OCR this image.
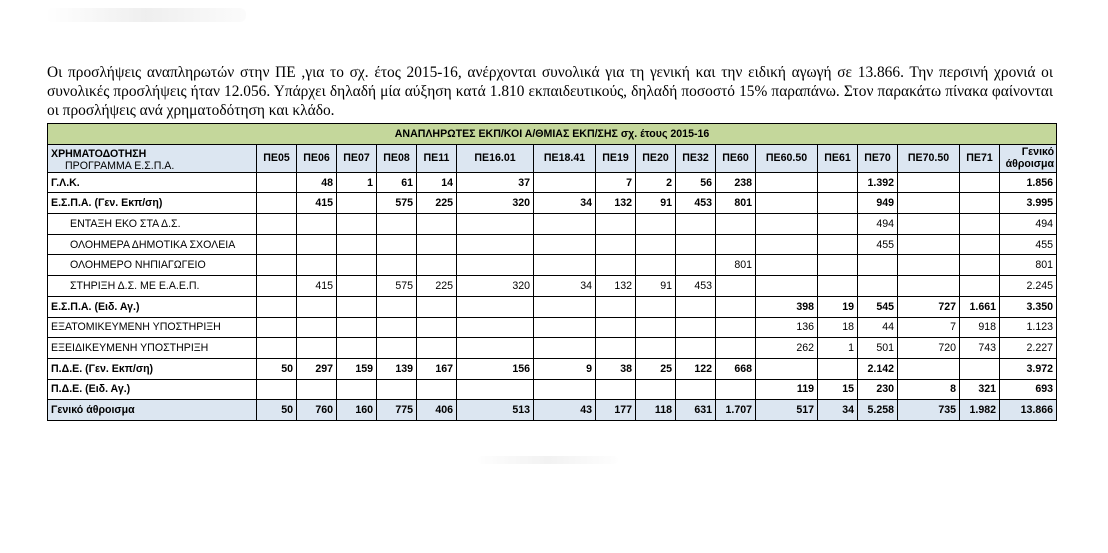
Οι προσλήψεις αναπληρωτών στην ΠΕ ,για το σχ. έτος 2015-16, ανέρχονται συνολικά για τη γενική και την ειδική αγωγή σε 13.866. Την περσινή χρονιά οι συνολικές προσλήψεις ήταν 12.056. Υπάρχει δηλαδή μία αύξηση κατά 1.810 εκπαιδευτικούς, δηλαδή ποσοστό 15% παραπάνω. Στον παρακάτω πίνακα φαίνονται οι προσλήψεις ανά χρηματοδότηση και κλάδο.

ΑΝΑΠΛΗΡΩΤΕΣ ΕΚΠ/ΚΟΙ Α/ΘΜΙΑΣ ΕΚΠ/ΣΗΣ σχ. έτους 2015-16																	
ΧΡΗΜΑΤΟΔΟΤΗΣΗ
ΠΡΟΓΡΑΜΜΑ Ε.Σ.Π.Α.	ΠΕ05	ΠΕ06	ΠΕ07	ΠΕ08	ΠΕ11	ΠΕ16.01	ΠΕ18.41	ΠΕ19	ΠΕ20	ΠΕ32	ΠΕ60	ΠΕ60.50	ΠΕ61	ΠΕ70	ΠΕ70.50	ΠΕ71	Γενικό άθροισμα
Γ.Λ.Κ.		48	1	61	14	37		7	2	56	238			1.392			1.856
Ε.Σ.Π.Α. (Γεν. Εκπ/ση)		415		575	225	320	34	132	91	453	801			949			3.995
ΕΝΤΑΞΗ ΕΚΟ ΣΤΑ Δ.Σ.														494			494
ΟΛΟΗΜΕΡΑ ΔΗΜΟΤΙΚΑ ΣΧΟΛΕΙΑ														455			455
ΟΛΟΗΜΕΡΟ ΝΗΠΙΑΓΩΓΕΙΟ											801						801
ΣΤΗΡΙΞΗ Δ.Σ. ΜΕ Ε.Α.Ε.Π.		415		575	225	320	34	132	91	453							2.245
Ε.Σ.Π.Α. (Ειδ. Αγ.)												398	19	545	727	1.661	3.350
ΕΞΑΤΟΜΙΚΕΥΜΕΝΗ ΥΠΟΣΤΗΡΙΞΗ												136	18	44	7	918	1.123
ΕΞΕΙΔΙΚΕΥΜΕΝΗ ΥΠΟΣΤΗΡΙΞΗ												262	1	501	720	743	2.227
Π.Δ.Ε. (Γεν. Εκπ/ση)	50	297	159	139	167	156	9	38	25	122	668			2.142			3.972
Π.Δ.Ε. (Ειδ. Αγ.)												119	15	230	8	321	693
Γενικό άθροισμα	50	760	160	775	406	513	43	177	118	631	1.707	517	34	5.258	735	1.982	13.866
